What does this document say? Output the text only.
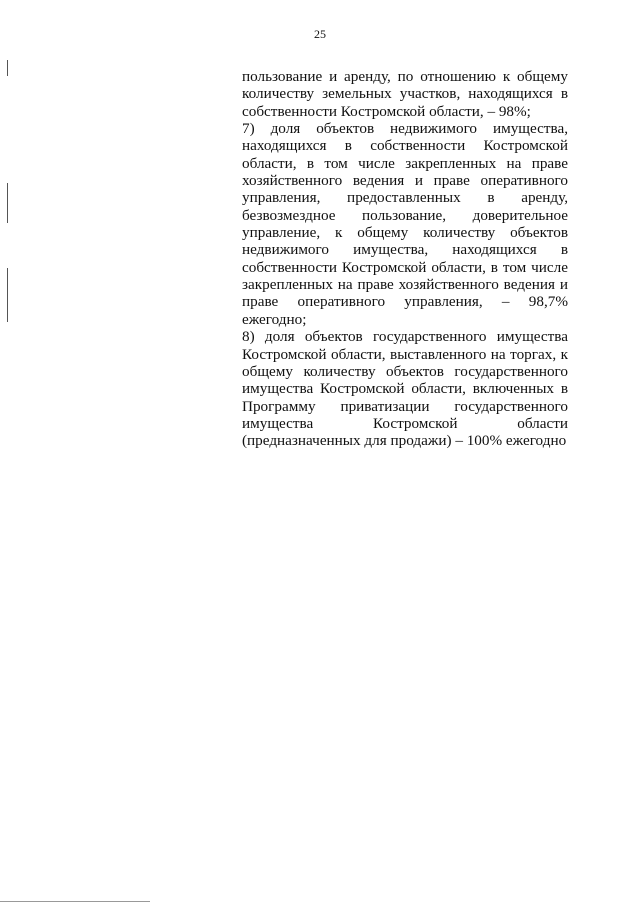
25
пользование и аренду, по отношению к общему
количеству земельных участков, находящихся в
собственности Костромской области, – 98%;
7) доля объектов недвижимого имущества,
находящихся в собственности Костромской
области, в том числе закрепленных на праве
хозяйственного ведения и праве оперативного
управления, предоставленных в аренду,
безвозмездное пользование, доверительное
управление, к общему количеству объектов
недвижимого имущества, находящихся в
собственности Костромской области, в том числе
закрепленных на праве хозяйственного ведения и
праве оперативного управления, – 98,7%
ежегодно;
8) доля объектов государственного имущества
Костромской области, выставленного на торгах, к
общему количеству объектов государственного
имущества Костромской области, включенных в
Программу приватизации государственного
имущества Костромской области
(предназначенных для продажи) – 100% ежегодно
